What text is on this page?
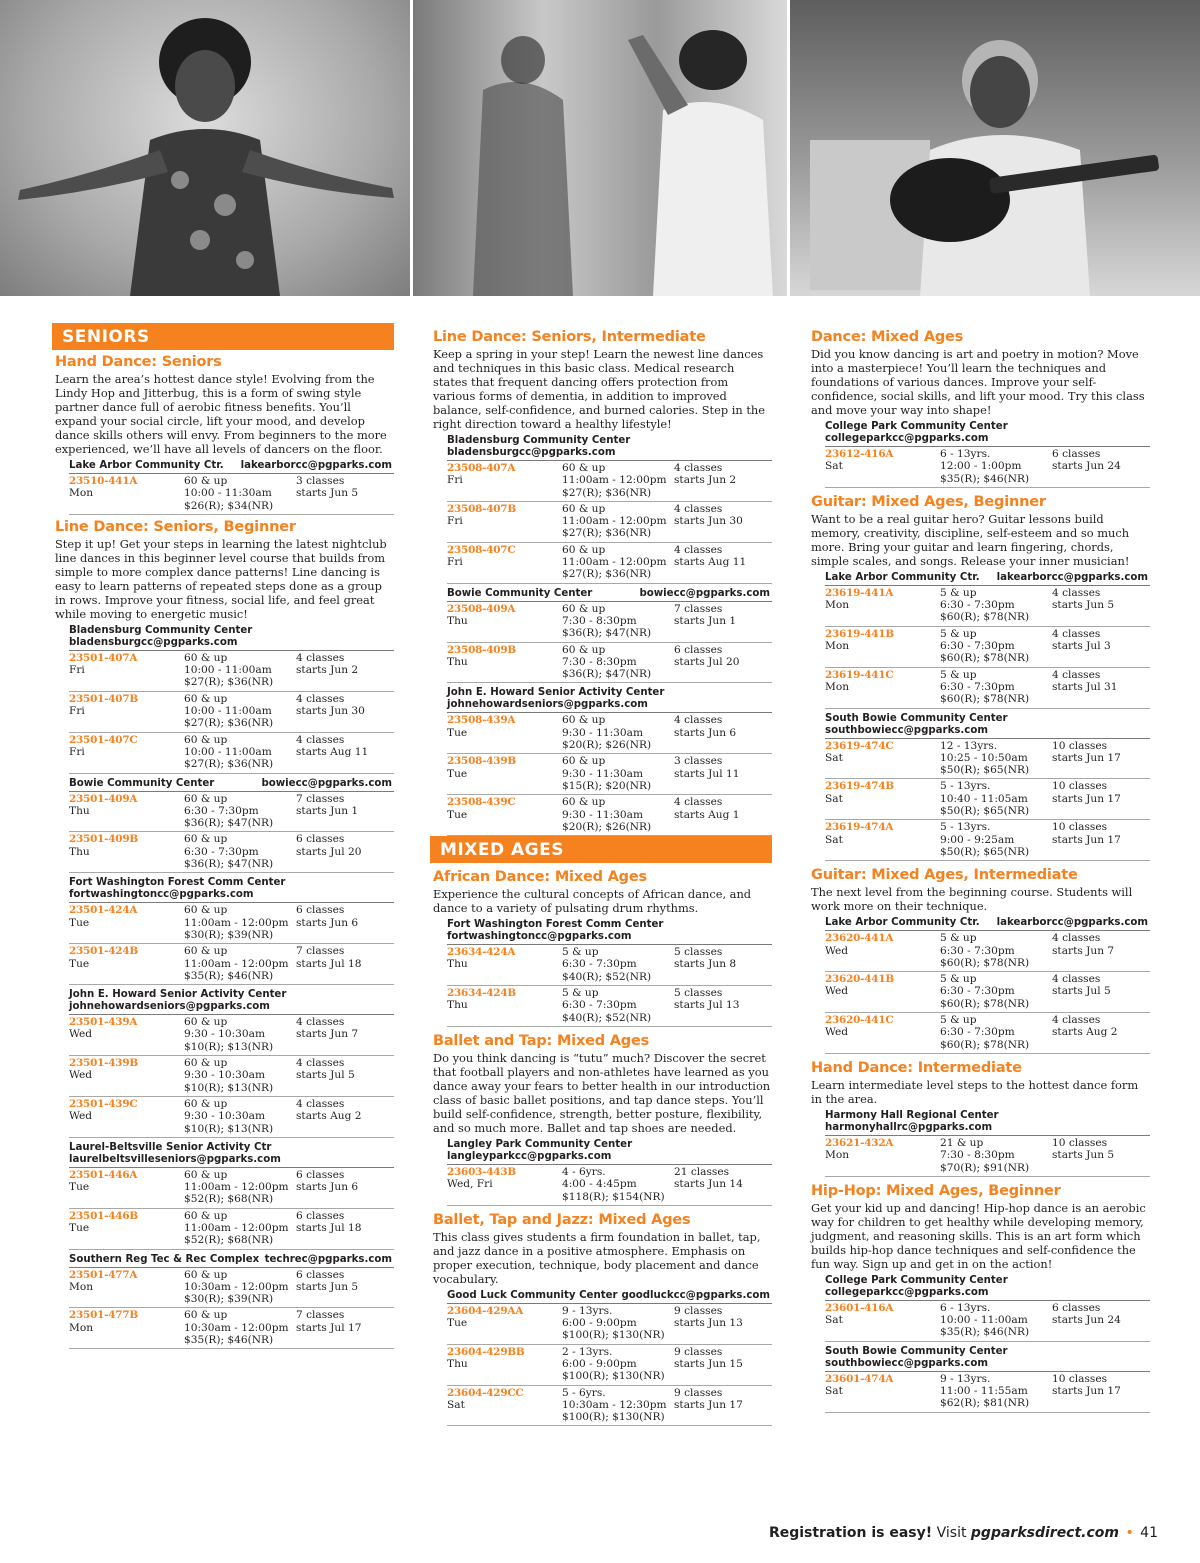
SENIORS
Hand Dance: Seniors
Learn the area’s hottest dance style! Evolving from the Lindy Hop and Jitterbug, this is a form of swing style partner dance full of aerobic fitness benefits. You’ll expand your social circle, lift your mood, and develop dance skills others will envy. From beginners to the more experienced, we’ll have all levels of dancers on the floor.
Lake Arbor Community Ctr. lakearborcc@pgparks.com
23510-441A
Mon
60 & up
10:00 - 11:30am
$26(R); $34(NR)
3 classes
starts Jun 5
Line Dance: Seniors, Beginner
Step it up! Get your steps in learning the latest nightclub line dances in this beginner level course that builds from simple to more complex dance patterns! Line dancing is easy to learn patterns of repeated steps done as a group in rows. Improve your fitness, social life, and feel great while moving to energetic music!
Bladensburg Community Center
bladensburgcc@pgparks.com
23501-407A
Fri
60 & up
10:00 - 11:00am
$27(R); $36(NR)
4 classes
starts Jun 2
23501-407B
Fri
60 & up
10:00 - 11:00am
$27(R); $36(NR)
4 classes
starts Jun 30
23501-407C
Fri
60 & up
10:00 - 11:00am
$27(R); $36(NR)
4 classes
starts Aug 11
Bowie Community Center	bowiecc@pgparks.com
23501-409A
Thu
60 & up
6:30 - 7:30pm
$36(R); $47(NR)
7 classes
starts Jun 1
23501-409B
Thu
60 & up
6:30 - 7:30pm
$36(R); $47(NR)
6 classes
starts Jul 20
Fort Washington Forest Comm Center
fortwashingtoncc@pgparks.com
23501-424A
Tue
60 & up
11:00am - 12:00pm
$30(R); $39(NR)
6 classes
starts Jun 6
23501-424B
Tue
60 & up
11:00am - 12:00pm
$35(R); $46(NR)
7 classes
starts Jul 18
John E. Howard Senior Activity Center
johnehowardseniors@pgparks.com
23501-439A
Wed
60 & up
9:30 - 10:30am
$10(R); $13(NR)
4 classes
starts Jun 7
23501-439B
Wed
60 & up
9:30 - 10:30am
$10(R); $13(NR)
4 classes
starts Jul 5
23501-439C
Wed
60 & up
9:30 - 10:30am
$10(R); $13(NR)
4 classes
starts Aug 2
Laurel-Beltsville Senior Activity Ctr
laurelbeltsvilleseniors@pgparks.com
23501-446A
Tue
60 & up
11:00am - 12:00pm
$52(R); $68(NR)
6 classes
starts Jun 6
23501-446B
Tue
60 & up
11:00am - 12:00pm
$52(R); $68(NR)
6 classes
starts Jul 18
Southern Reg Tec & Rec Complex techrec@pgparks.com
23501-477A
Mon
60 & up
10:30am - 12:00pm
$30(R); $39(NR)
6 classes
starts Jun 5
23501-477B
Mon
60 & up
10:30am - 12:00pm
$35(R); $46(NR)
7 classes
starts Jul 17
Line Dance: Seniors, Intermediate
Keep a spring in your step! Learn the newest line dances and techniques in this basic class. Medical research states that frequent dancing offers protection from various forms of dementia, in addition to improved balance, self-confidence, and burned calories. Step in the right direction toward a healthy lifestyle!
Bladensburg Community Center
bladensburgcc@pgparks.com
23508-407A
Fri
60 & up
11:00am - 12:00pm
$27(R); $36(NR)
4 classes
starts Jun 2
23508-407B
Fri
60 & up
11:00am - 12:00pm
$27(R); $36(NR)
4 classes
starts Jun 30
23508-407C
Fri
60 & up
11:00am - 12:00pm
$27(R); $36(NR)
4 classes
starts Aug 11
Bowie Community Center	bowiecc@pgparks.com
23508-409A
Thu
60 & up
7:30 - 8:30pm
$36(R); $47(NR)
7 classes
starts Jun 1
23508-409B
Thu
60 & up
7:30 - 8:30pm
$36(R); $47(NR)
6 classes
starts Jul 20
John E. Howard Senior Activity Center
johnehowardseniors@pgparks.com
23508-439A
Tue
60 & up
9:30 - 11:30am
$20(R); $26(NR)
4 classes
starts Jun 6
23508-439B
Tue
60 & up
9:30 - 11:30am
$15(R); $20(NR)
3 classes
starts Jul 11
23508-439C
Tue
60 & up
9:30 - 11:30am
$20(R); $26(NR)
4 classes
starts Aug 1
MIXED AGES
African Dance: Mixed Ages
Experience the cultural concepts of African dance, and dance to a variety of pulsating drum rhythms.
Fort Washington Forest Comm Center
fortwashingtoncc@pgparks.com
23634-424A
Thu
5 & up
6:30 - 7:30pm
$40(R); $52(NR)
5 classes
starts Jun 8
23634-424B
Thu
5 & up
6:30 - 7:30pm
$40(R); $52(NR)
5 classes
starts Jul 13
Ballet and Tap: Mixed Ages
Do you think dancing is “tutu” much? Discover the secret that football players and non-athletes have learned as you dance away your fears to better health in our introduction class of basic ballet positions, and tap dance steps. You’ll build self-confidence, strength, better posture, flexibility, and so much more. Ballet and tap shoes are needed.
Langley Park Community Center
langleyparkcc@pgparks.com
23603-443B
Wed, Fri
4 - 6yrs.
4:00 - 4:45pm
$118(R); $154(NR)
21 classes
starts Jun 14
Ballet, Tap and Jazz: Mixed Ages
This class gives students a firm foundation in ballet, tap, and jazz dance in a positive atmosphere. Emphasis on proper execution, technique, body placement and dance vocabulary.
Good Luck Community Center goodluckcc@pgparks.com
23604-429AA
Tue
9 - 13yrs.
6:00 - 9:00pm
$100(R); $130(NR)
9 classes
starts Jun 13
23604-429BB
Thu
2 - 13yrs.
6:00 - 9:00pm
$100(R); $130(NR)
9 classes
starts Jun 15
23604-429CC
Sat
5 - 6yrs.
10:30am - 12:30pm
$100(R); $130(NR)
9 classes
starts Jun 17
Dance: Mixed Ages
Did you know dancing is art and poetry in motion? Move into a masterpiece! You’ll learn the techniques and foundations of various dances. Improve your self-confidence, social skills, and lift your mood. Try this class and move your way into shape!
College Park Community Center
collegeparkcc@pgparks.com
23612-416A
Sat
6 - 13yrs.
12:00 - 1:00pm
$35(R); $46(NR)
6 classes
starts Jun 24
Guitar: Mixed Ages, Beginner
Want to be a real guitar hero? Guitar lessons build memory, creativity, discipline, self-esteem and so much more. Bring your guitar and learn fingering, chords, simple scales, and songs. Release your inner musician!
Lake Arbor Community Ctr. lakearborcc@pgparks.com
23619-441A
Mon
5 & up
6:30 - 7:30pm
$60(R); $78(NR)
4 classes
starts Jun 5
23619-441B
Mon
5 & up
6:30 - 7:30pm
$60(R); $78(NR)
4 classes
starts Jul 3
23619-441C
Mon
5 & up
6:30 - 7:30pm
$60(R); $78(NR)
4 classes
starts Jul 31
South Bowie Community Center
southbowiecc@pgparks.com
23619-474C
Sat
12 - 13yrs.
10:25 - 10:50am
$50(R); $65(NR)
10 classes
starts Jun 17
23619-474B
Sat
5 - 13yrs.
10:40 - 11:05am
$50(R); $65(NR)
10 classes
starts Jun 17
23619-474A
Sat
5 - 13yrs.
9:00 - 9:25am
$50(R); $65(NR)
10 classes
starts Jun 17
Guitar: Mixed Ages, Intermediate
The next level from the beginning course. Students will work more on their technique.
Lake Arbor Community Ctr. lakearborcc@pgparks.com
23620-441A
Wed
5 & up
6:30 - 7:30pm
$60(R); $78(NR)
4 classes
starts Jun 7
23620-441B
Wed
5 & up
6:30 - 7:30pm
$60(R); $78(NR)
4 classes
starts Jul 5
23620-441C
Wed
5 & up
6:30 - 7:30pm
$60(R); $78(NR)
4 classes
starts Aug 2
Hand Dance: Intermediate
Learn intermediate level steps to the hottest dance form in the area.
Harmony Hall Regional Center
harmonyhallrc@pgparks.com
23621-432A
Mon
21 & up
7:30 - 8:30pm
$70(R); $91(NR)
10 classes
starts Jun 5
Hip-Hop: Mixed Ages, Beginner
Get your kid up and dancing! Hip-hop dance is an aerobic way for children to get healthy while developing memory, judgment, and reasoning skills. This is an art form which builds hip-hop dance techniques and self-confidence the fun way. Sign up and get in on the action!
College Park Community Center
collegeparkcc@pgparks.com
23601-416A
Sat
6 - 13yrs.
10:00 - 11:00am
$35(R); $46(NR)
6 classes
starts Jun 24
South Bowie Community Center
southbowiecc@pgparks.com
23601-474A
Sat
9 - 13yrs.
11:00 - 11:55am
$62(R); $81(NR)
10 classes
starts Jun 17
Registration is easy! Visit pgparksdirect.com • 41
